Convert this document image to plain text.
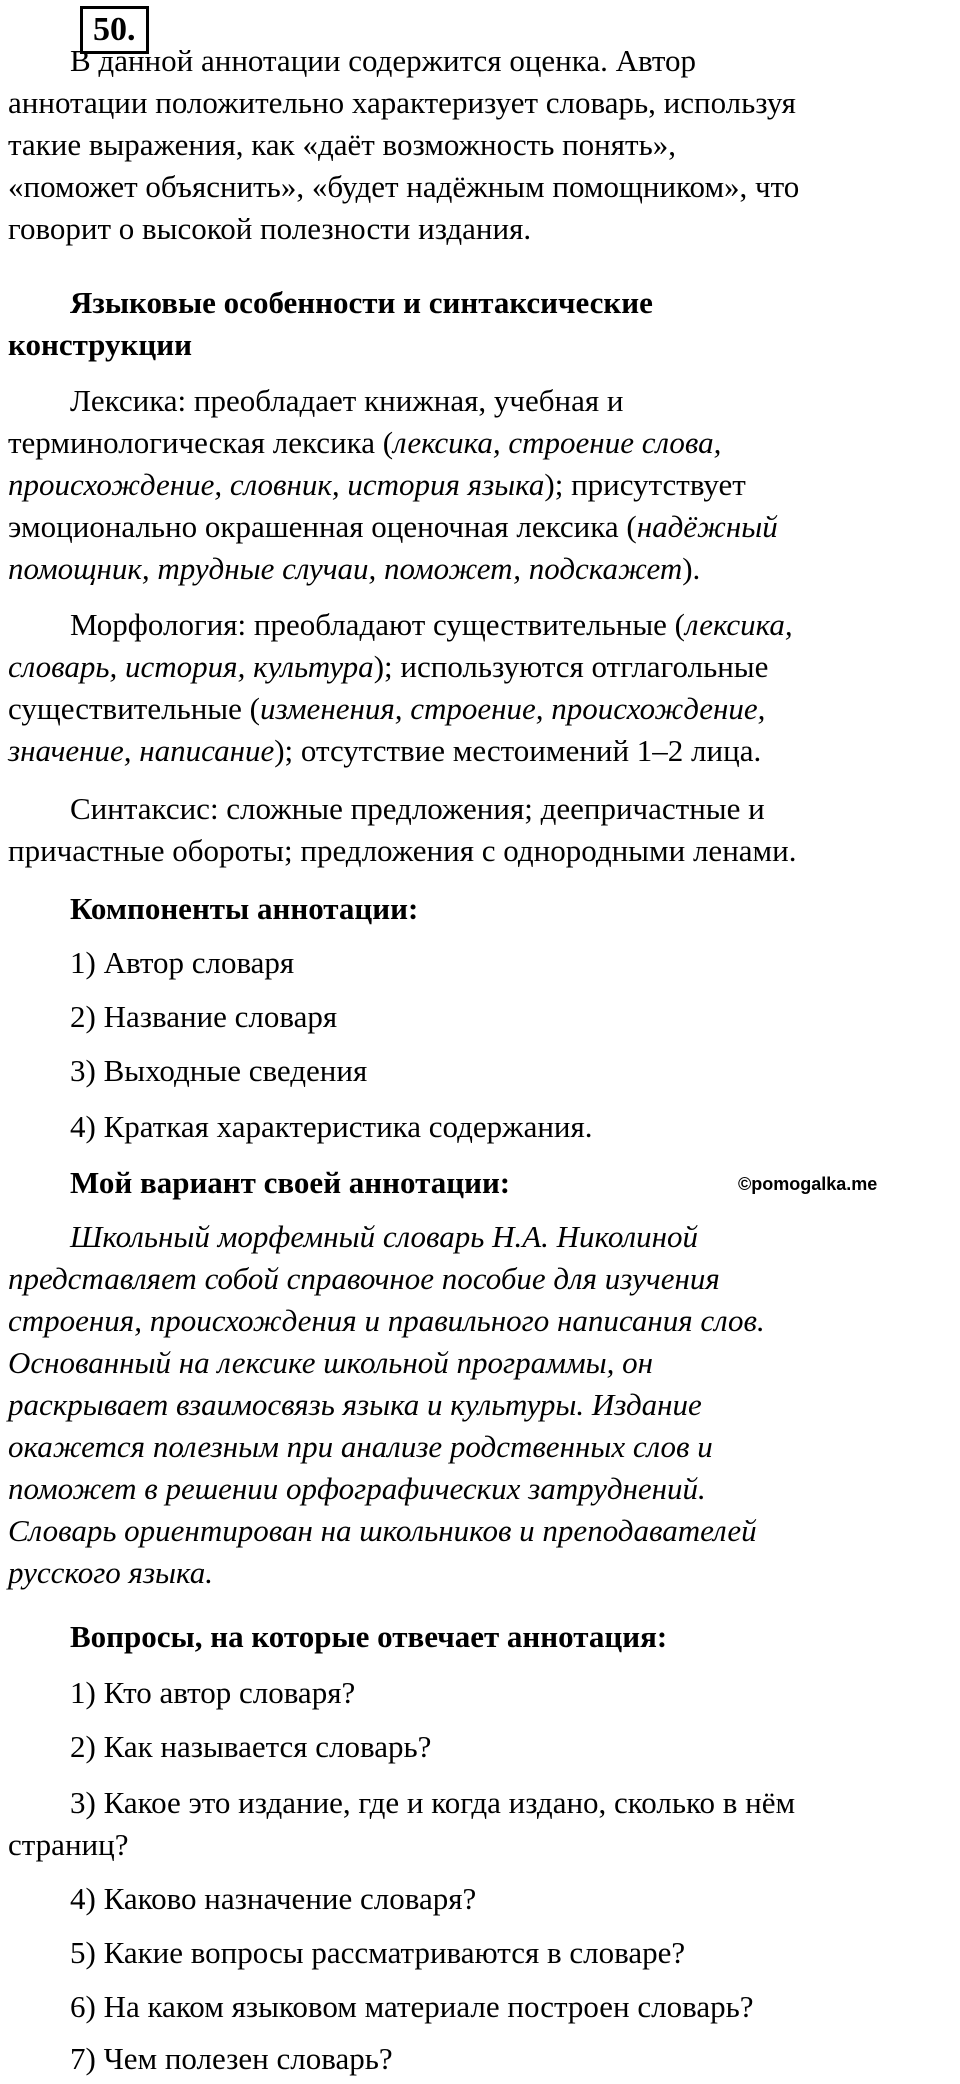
50.
В данной аннотации содержится оценка. Автор
аннотации положительно характеризует словарь, используя
такие выражения, как «даёт возможность понять»,
«поможет объяснить», «будет надёжным помощником», что
говорит о высокой полезности издания.
Языковые особенности и синтаксические
конструкции
Лексика: преобладает книжная, учебная и
терминологическая лексика (лексика, строение слова,
происхождение, словник, история языка); присутствует
эмоционально окрашенная оценочная лексика (надёжный
помощник, трудные случаи, поможет, подскажет).
Морфология: преобладают существительные (лексика,
словарь, история, культура); используются отглагольные
существительные (изменения, строение, происхождение,
значение, написание); отсутствие местоимений 1–2 лица.
Синтаксис: сложные предложения; деепричастные и
причастные обороты; предложения с однородными ленами.
Компоненты аннотации:
1) Автор словаря
2) Название словаря
3) Выходные сведения
4) Краткая характеристика содержания.
Мой вариант своей аннотации:	©pomogalka.me
Школьный морфемный словарь Н.А. Николиной
представляет собой справочное пособие для изучения
строения, происхождения и правильного написания слов.
Основанный на лексике школьной программы, он
раскрывает взаимосвязь языка и культуры. Издание
окажется полезным при анализе родственных слов и
поможет в решении орфографических затруднений.
Словарь ориентирован на школьников и преподавателей
русского языка.
Вопросы, на которые отвечает аннотация:
1) Кто автор словаря?
2) Как называется словарь?
3) Какое это издание, где и когда издано, сколько в нём
страниц?
4) Каково назначение словаря?
5) Какие вопросы рассматриваются в словаре?
6) На каком языковом материале построен словарь?
7) Чем полезен словарь?
